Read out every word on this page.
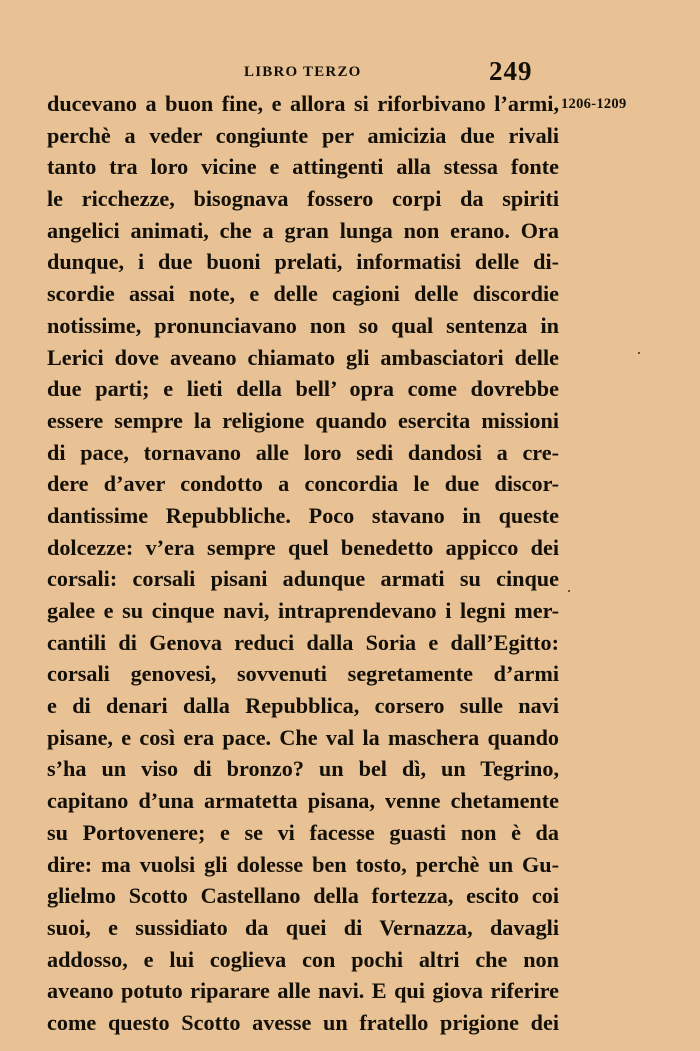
LIBRO TERZO	249
1206-1209
ducevano a buon fine, e allora si riforbivano l’armi,
perchè a veder congiunte per amicizia due rivali
tanto tra loro vicine e attingenti alla stessa fonte
le ricchezze, bisognava fossero corpi da spiriti
angelici animati, che a gran lunga non erano. Ora
dunque, i due buoni prelati, informatisi delle di-
scordie assai note, e delle cagioni delle discordie
notissime, pronunciavano non so qual sentenza in
Lerici dove aveano chiamato gli ambasciatori delle
due parti; e lieti della bell’ opra come dovrebbe
essere sempre la religione quando esercita missioni
di pace, tornavano alle loro sedi dandosi a cre-
dere d’aver condotto a concordia le due discor-
dantissime Repubbliche. Poco stavano in queste
dolcezze: v’era sempre quel benedetto appicco dei
corsali: corsali pisani adunque armati su cinque
galee e su cinque navi, intraprendevano i legni mer-
cantili di Genova reduci dalla Soria e dall’Egitto:
corsali genovesi, sovvenuti segretamente d’armi
e di denari dalla Repubblica, corsero sulle navi
pisane, e così era pace. Che val la maschera quando
s’ha un viso di bronzo? un bel dì, un Tegrino,
capitano d’una armatetta pisana, venne chetamente
su Portovenere; e se vi facesse guasti non è da
dire: ma vuolsi gli dolesse ben tosto, perchè un Gu-
glielmo Scotto Castellano della fortezza, escito coi
suoi, e sussidiato da quei di Vernazza, davagli
addosso, e lui coglieva con pochi altri che non
aveano potuto riparare alle navi. E qui giova riferire
come questo Scotto avesse un fratello prigione dei
